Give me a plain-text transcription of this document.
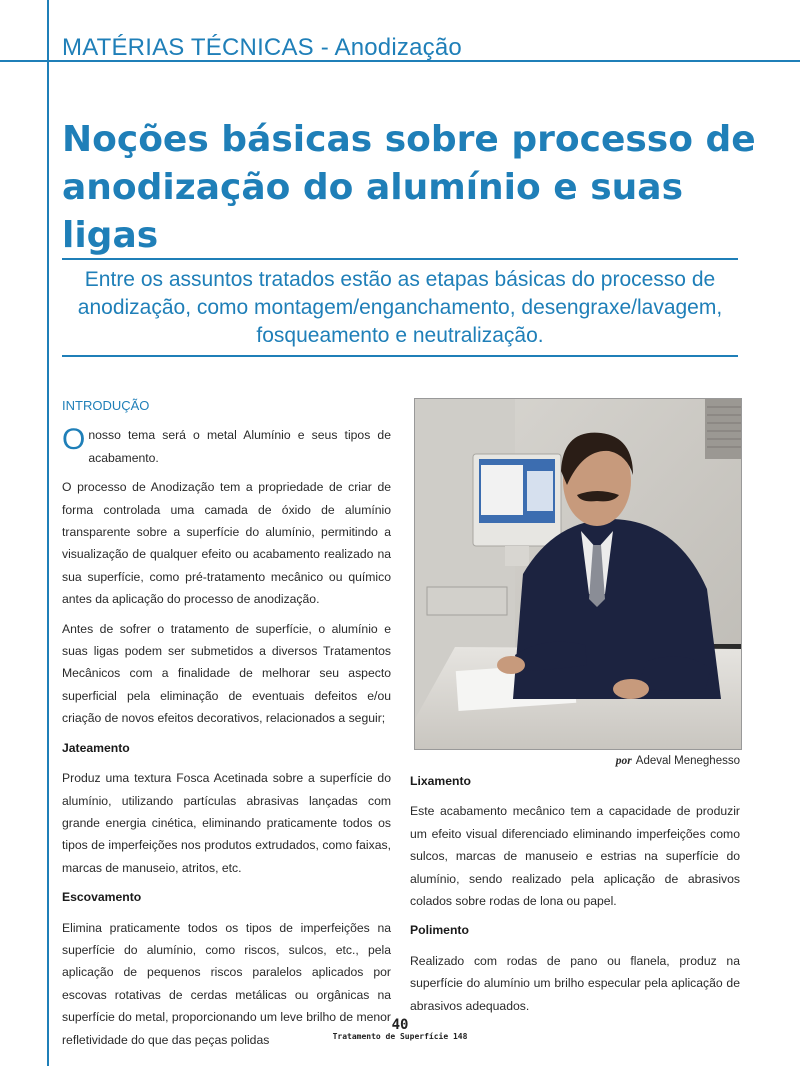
MATÉRIAS TÉCNICAS - Anodização
Noções básicas sobre processo de
anodização do alumínio e suas ligas

Entre os assuntos tratados estão as etapas básicas do processo de anodização, como montagem/enganchamento, desengraxe/lavagem, fosqueamento e neutralização.

INTRODUÇÃO

Onosso tema será o metal Alumínio e seus tipos de acabamento.

O processo de Anodização tem a propriedade de criar de forma controlada uma camada de óxido de alumínio transparente sobre a superfície do alumínio, permitindo a visualização de qualquer efeito ou acabamento realizado na sua superfície, como pré-tratamento mecânico ou químico antes da aplicação do processo de anodização.

Antes de sofrer o tratamento de superfície, o alumínio e suas ligas podem ser submetidos a diversos Tratamentos Mecânicos com a finalidade de melhorar seu aspecto superficial pela eliminação de eventuais defeitos e/ou criação de novos efeitos decorativos, relacionados a seguir;

Jateamento

Produz uma textura Fosca Acetinada sobre a superfície do alumínio, utilizando partículas abrasivas lançadas com grande energia cinética, eliminando praticamente todos os tipos de imperfeições nos produtos extrudados, como faixas, marcas de manuseio, atritos, etc.

Escovamento

Elimina praticamente todos os tipos de imperfeições na superfície do alumínio, como riscos, sulcos, etc., pela aplicação de pequenos riscos paralelos aplicados por escovas rotativas de cerdas metálicas ou orgânicas na superfície do metal, proporcionando um leve brilho de menor refletividade do que das peças polidas

por Adeval Meneghesso
Lixamento

Este acabamento mecânico tem a capacidade de produzir um efeito visual diferenciado eliminando imperfeições como sulcos, marcas de manuseio e estrias na superfície do alumínio, sendo realizado pela aplicação de abrasivos colados sobre rodas de lona ou papel.

Polimento

Realizado com rodas de pano ou flanela, produz na superfície do alumínio um brilho especular pela aplicação de abrasivos adequados.

40
Tratamento de Superfície 148
